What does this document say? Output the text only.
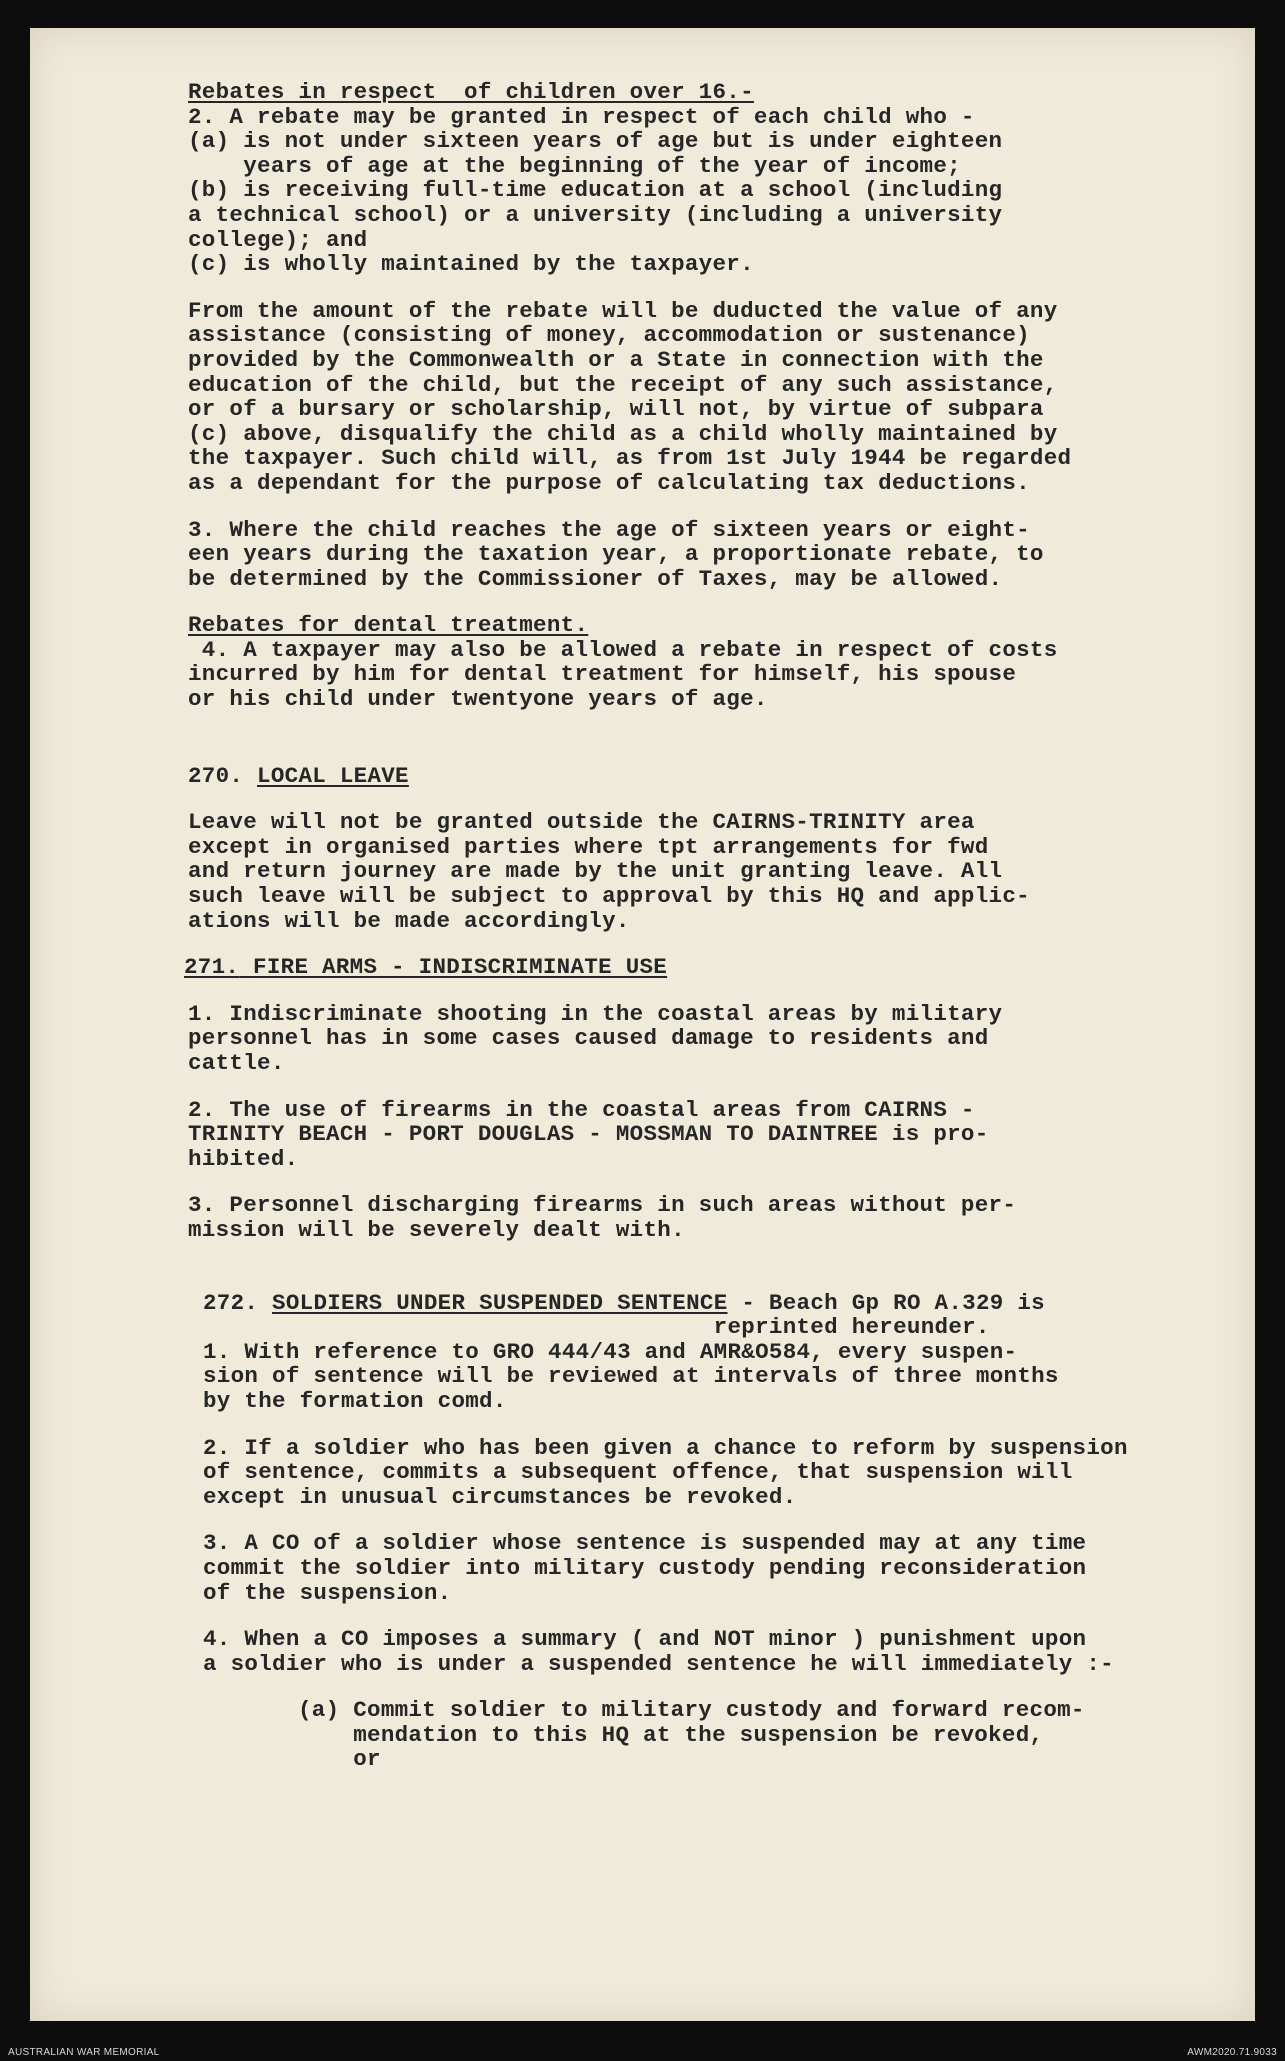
Rebates in respect  of children over 16.-

2. A rebate may be granted in respect of each child who -

(a) is not under sixteen years of age but is under eighteen

years of age at the beginning of the year of income;

(b) is receiving full-time education at a school (including

a technical school) or a university (including a university

college); and

(c) is wholly maintained by the taxpayer.

From the amount of the rebate will be duducted the value of any

assistance (consisting of money, accommodation or sustenance)

provided by the Commonwealth or a State in connection with the

education of the child, but the receipt of any such assistance,

or of a bursary or scholarship, will not, by virtue of subpara

(c) above, disqualify the child as a child wholly maintained by

the taxpayer. Such child will, as from 1st July 1944 be regarded

as a dependant for the purpose of calculating tax deductions.

3. Where the child reaches the age of sixteen years or eight-

een years during the taxation year, a proportionate rebate, to

be determined by the Commissioner of Taxes, may be allowed.

Rebates for dental treatment.

4. A taxpayer may also be allowed a rebate in respect of costs

incurred by him for dental treatment for himself, his spouse

or his child under twentyone years of age.

270. LOCAL LEAVE

Leave will not be granted outside the CAIRNS-TRINITY area

except in organised parties where tpt arrangements for fwd

and return journey are made by the unit granting leave. All

such leave will be subject to approval by this HQ and applic-

ations will be made accordingly.

271. FIRE ARMS - INDISCRIMINATE USE

1. Indiscriminate shooting in the coastal areas by military

personnel has in some cases caused damage to residents and

cattle.

2. The use of firearms in the coastal areas from CAIRNS -

TRINITY BEACH - PORT DOUGLAS - MOSSMAN TO DAINTREE is pro-

hibited.

3. Personnel discharging firearms in such areas without per-

mission will be severely dealt with.

272. SOLDIERS UNDER SUSPENDED SENTENCE - Beach Gp RO A.329 is

reprinted hereunder.

1. With reference to GRO 444/43 and AMR&O584, every suspen-

sion of sentence will be reviewed at intervals of three months

by the formation comd.

2. If a soldier who has been given a chance to reform by suspension

of sentence, commits a subsequent offence, that suspension will

except in unusual circumstances be revoked.

3. A CO of a soldier whose sentence is suspended may at any time

commit the soldier into military custody pending reconsideration

of the suspension.

4. When a CO imposes a summary ( and NOT minor ) punishment upon

a soldier who is under a suspended sentence he will immediately :-

(a) Commit soldier to military custody and forward recom-

mendation to this HQ at the suspension be revoked,

or

AUSTRALIAN WAR MEMORIAL	AWM2020.71.9033
